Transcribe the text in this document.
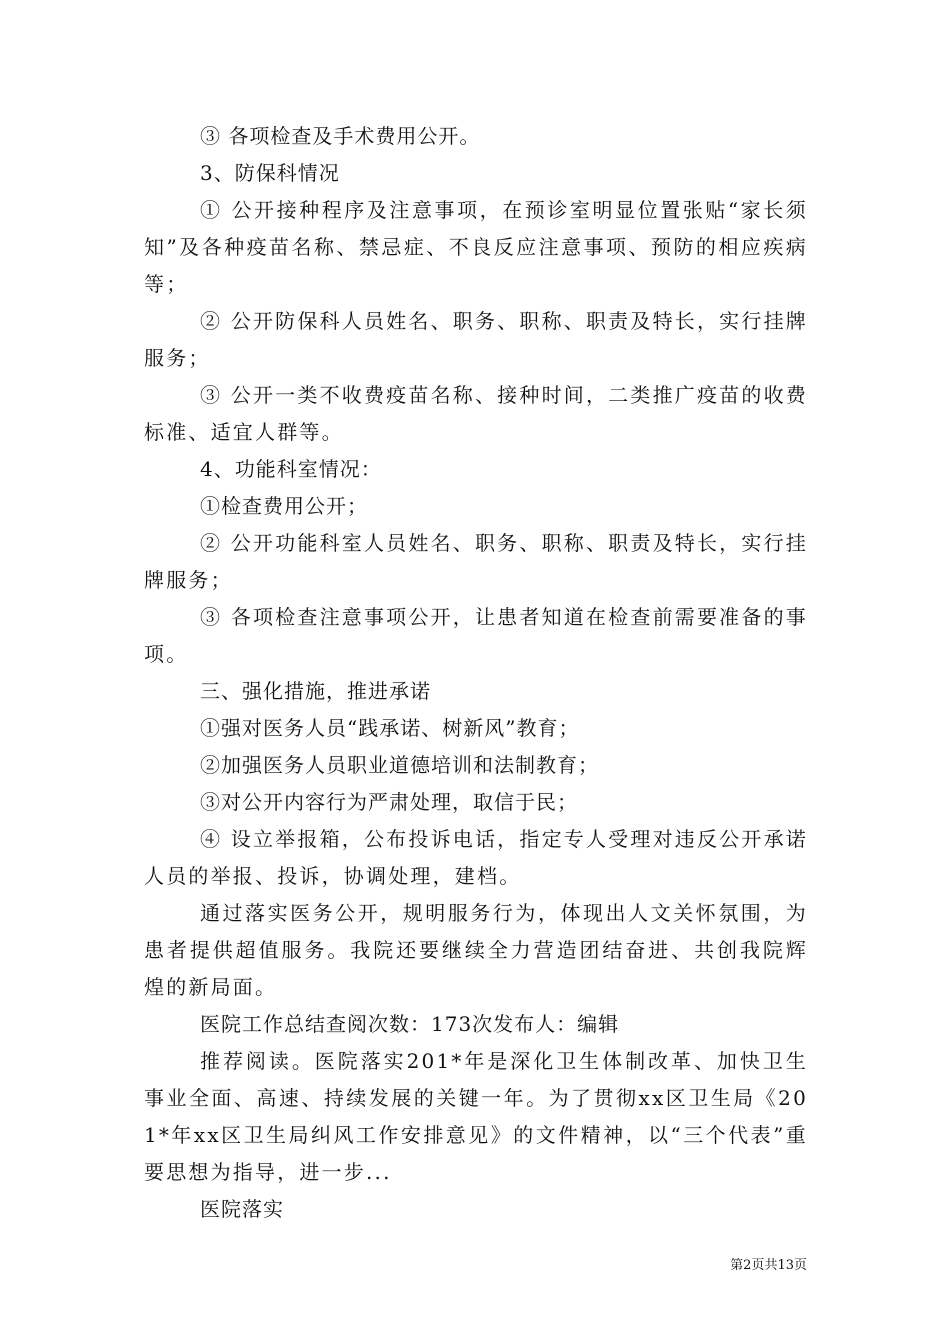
③ 各项检查及手术费用公开。

3、防保科情况

① 公开接种程序及注意事项，在预诊室明显位置张贴“家长须知”及各种疫苗名称、禁忌症、不良反应注意事项、预防的相应疾病等；

② 公开防保科人员姓名、职务、职称、职责及特长，实行挂牌服务；

③ 公开一类不收费疫苗名称、接种时间，二类推广疫苗的收费标准、适宜人群等。

4、功能科室情况：

①检查费用公开；

② 公开功能科室人员姓名、职务、职称、职责及特长，实行挂牌服务；

③ 各项检查注意事项公开，让患者知道在检查前需要准备的事项。

三、强化措施，推进承诺

①强对医务人员“践承诺、树新风”教育；

②加强医务人员职业道德培训和法制教育；

③对公开内容行为严肃处理，取信于民；

④ 设立举报箱，公布投诉电话，指定专人受理对违反公开承诺人员的举报、投诉，协调处理，建档。

通过落实医务公开，规明服务行为，体现出人文关怀氛围，为患者提供超值服务。我院还要继续全力营造团结奋进、共创我院辉煌的新局面。

医院工作总结查阅次数：173次发布人：编辑

推荐阅读。医院落实201*年是深化卫生体制改革、加快卫生事业全面、高速、持续发展的关键一年。为了贯彻xx区卫生局《201*年xx区卫生局纠风工作安排意见》的文件精神，以“三个代表”重要思想为指导，进一步...

医院落实

第2页共13页
